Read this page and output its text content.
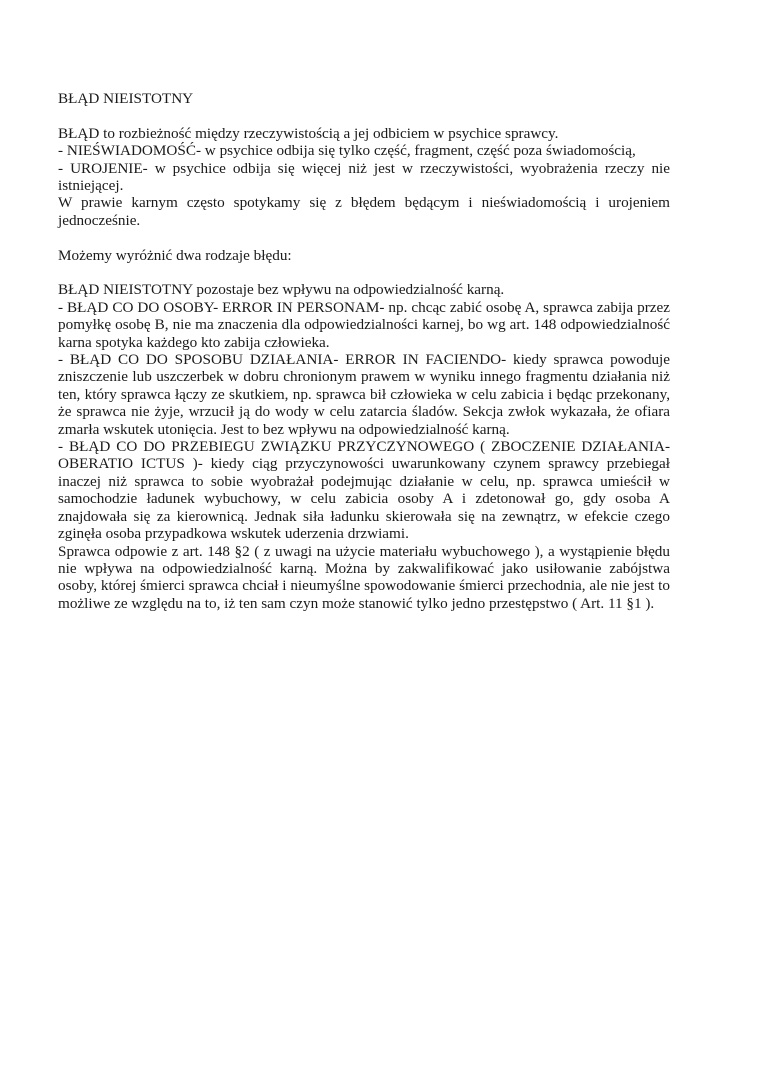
BŁĄD NIEISTOTNY

BŁĄD to rozbieżność między rzeczywistością a jej odbiciem w psychice sprawcy.

- NIEŚWIADOMOŚĆ- w psychice odbija się tylko część, fragment, część poza świadomością,

- UROJENIE- w psychice odbija się więcej niż jest w rzeczywistości, wyobrażenia rzeczy nie istniejącej.

W prawie karnym często spotykamy się z błędem będącym i nieświadomością i urojeniem jednocześnie.

Możemy wyróżnić dwa rodzaje błędu:

BŁĄD NIEISTOTNY pozostaje bez wpływu na odpowiedzialność karną.

- BŁĄD CO DO OSOBY- ERROR IN PERSONAM- np. chcąc zabić osobę A, sprawca zabija przez pomyłkę osobę B, nie ma znaczenia dla odpowiedzialności karnej, bo wg art. 148 odpowiedzialność karna spotyka każdego kto zabija człowieka.

- BŁĄD CO DO SPOSOBU DZIAŁANIA- ERROR IN FACIENDO- kiedy sprawca powoduje zniszczenie lub uszczerbek w dobru chronionym prawem w wyniku innego fragmentu działania niż ten, który sprawca łączy ze skutkiem, np. sprawca bił człowieka w celu zabicia i będąc przekonany, że sprawca nie żyje, wrzucił ją do wody w celu zatarcia śladów. Sekcja zwłok wykazała, że ofiara zmarła wskutek utonięcia. Jest to bez wpływu na odpowiedzialność karną.

- BŁĄD CO DO PRZEBIEGU ZWIĄZKU PRZYCZYNOWEGO ( ZBOCZENIE DZIAŁANIA- OBERATIO ICTUS )- kiedy ciąg przyczynowości uwarunkowany czynem sprawcy przebiegał inaczej niż sprawca to sobie wyobrażał podejmując działanie w celu, np. sprawca umieścił w samochodzie ładunek wybuchowy, w celu zabicia osoby A i zdetonował go, gdy osoba A znajdowała się za kierownicą. Jednak siła ładunku skierowała się na zewnątrz, w efekcie czego zginęła osoba przypadkowa wskutek uderzenia drzwiami.

Sprawca odpowie z art. 148 §2 ( z uwagi na użycie materiału wybuchowego ), a wystąpienie błędu nie wpływa na odpowiedzialność karną. Można by zakwalifikować jako usiłowanie zabójstwa osoby, której śmierci sprawca chciał i nieumyślne spowodowanie śmierci przechodnia, ale nie jest to możliwe ze względu na to, iż ten sam czyn może stanowić tylko jedno przestępstwo ( Art. 11 §1 ).
